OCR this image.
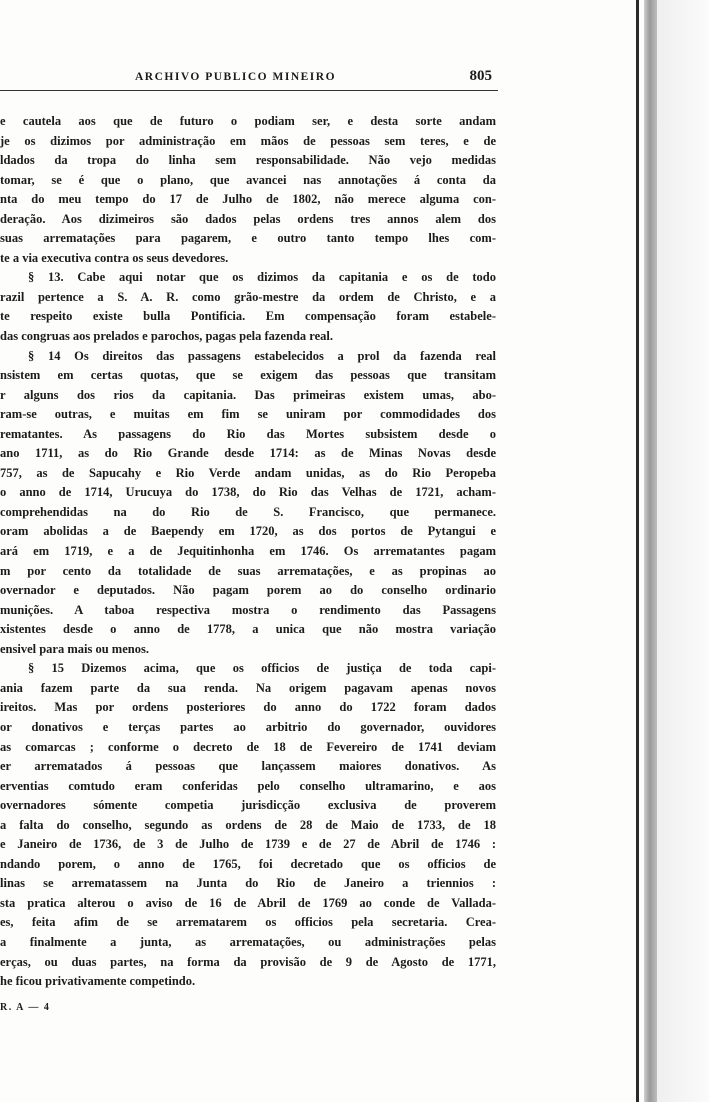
ARCHIVO PUBLICO MINEIRO	805
e cautela aos que de futuro o podiam ser, e desta sorte andam
je os dizimos por administração em mãos de pessoas sem teres, e de
ldados da tropa do linha sem responsabilidade. Não vejo medidas
tomar, se é que o plano, que avancei nas annotações á conta da
nta do meu tempo do 17 de Julho de 1802, não merece alguma con-
deração. Aos dizimeiros são dados pelas ordens tres annos alem dos
suas arrematações para pagarem, e outro tanto tempo lhes com-
te a via executiva contra os seus devedores.
§ 13. Cabe aqui notar que os dizimos da capitania e os de todo
razil pertence a S. A. R. como grão-mestre da ordem de Christo, e a
te respeito existe bulla Pontificia. Em compensação foram estabele-
das congruas aos prelados e parochos, pagas pela fazenda real.
§ 14 Os direitos das passagens estabelecidos a prol da fazenda real
nsistem em certas quotas, que se exigem das pessoas que transitam
r alguns dos rios da capitania. Das primeiras existem umas, abo-
ram-se outras, e muitas em fim se uniram por commodidades dos
rematantes. As passagens do Rio das Mortes subsistem desde o
ano 1711, as do Rio Grande desde 1714: as de Minas Novas desde
757, as de Sapucahy e Rio Verde andam unidas, as do Rio Peropeba
o anno de 1714, Urucuya do 1738, do Rio das Velhas de 1721, acham-
comprehendidas na do Rio de S. Francisco, que permanece.
oram abolidas a de Baependy em 1720, as dos portos de Pytangui e
ará em 1719, e a de Jequitinhonha em 1746. Os arrematantes pagam
m por cento da totalidade de suas arrematações, e as propinas ao
overnador e deputados. Não pagam porem ao do conselho ordinario
munições. A taboa respectiva mostra o rendimento das Passagens
xistentes desde o anno de 1778, a unica que não mostra variação
ensivel para mais ou menos.
§ 15 Dizemos acima, que os officios de justiça de toda capi-
ania fazem parte da sua renda. Na origem pagavam apenas novos
ireitos. Mas por ordens posteriores do anno do 1722 foram dados
or donativos e terças partes ao arbitrio do governador, ouvidores
as comarcas ; conforme o decreto de 18 de Fevereiro de 1741 deviam
er arrematados á pessoas que lançassem maiores donativos. As
erventias comtudo eram conferidas pelo conselho ultramarino, e aos
overnadores sómente competia jurisdicção exclusiva de proverem
a falta do conselho, segundo as ordens de 28 de Maio de 1733, de 18
e Janeiro de 1736, de 3 de Julho de 1739 e de 27 de Abril de 1746 :
ndando porem, o anno de 1765, foi decretado que os officios de
linas se arrematassem na Junta do Rio de Janeiro a triennios :
sta pratica alterou o aviso de 16 de Abril de 1769 ao conde de Vallada-
es, feita afim de se arrematarem os officios pela secretaria. Crea-
a finalmente a junta, as arrematações, ou administrações pelas
erças, ou duas partes, na forma da provisão de 9 de Agosto de 1771,
he ficou privativamente competindo.
R. A — 4
